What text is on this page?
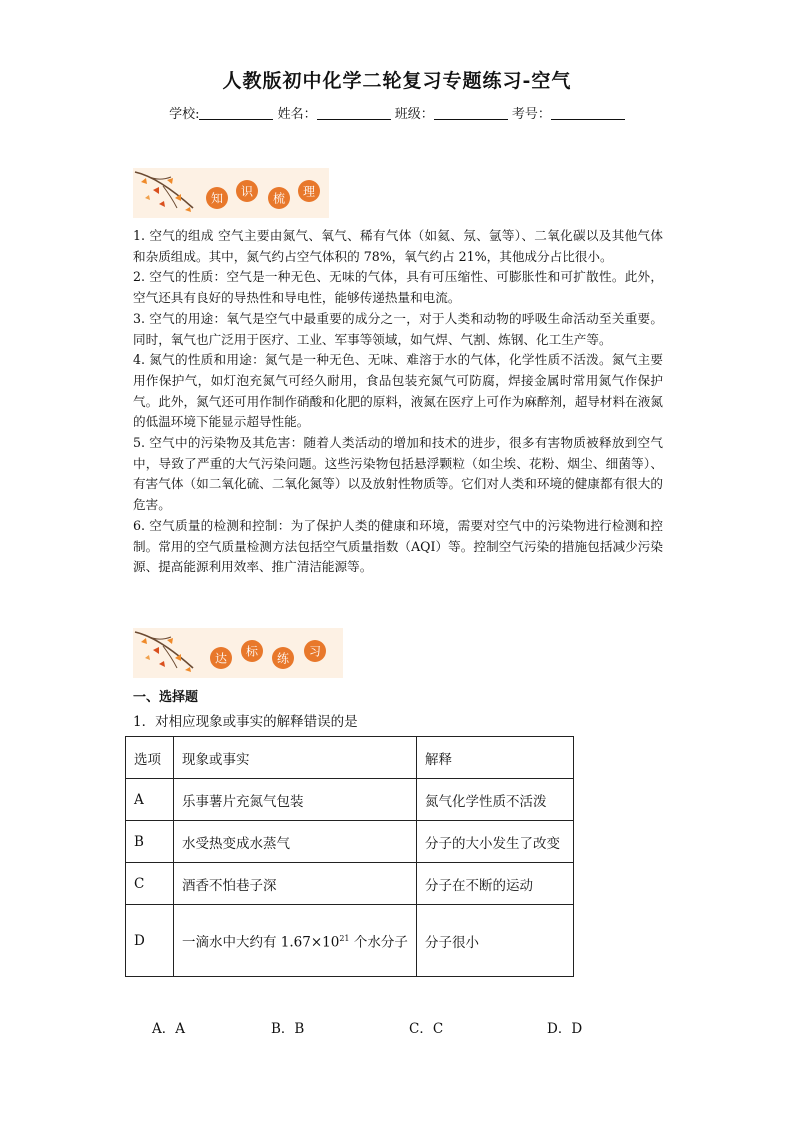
人教版初中化学二轮复习专题练习-空气
学校:	姓名：	班级：	考号：
知 识 梳 理

1. 空气的组成 空气主要由氮气、氧气、稀有气体（如氦、氖、氩等）、二氧化碳以及其他气体和杂质组成。其中，氮气约占空气体积的 78%，氧气约占 21%，其他成分占比很小。

2. 空气的性质：空气是一种无色、无味的气体，具有可压缩性、可膨胀性和可扩散性。此外，空气还具有良好的导热性和导电性，能够传递热量和电流。

3. 空气的用途：氧气是空气中最重要的成分之一，对于人类和动物的呼吸生命活动至关重要。同时，氧气也广泛用于医疗、工业、军事等领域，如气焊、气割、炼钢、化工生产等。

4. 氮气的性质和用途：氮气是一种无色、无味、难溶于水的气体，化学性质不活泼。氮气主要用作保护气，如灯泡充氮气可经久耐用，食品包装充氮气可防腐，焊接金属时常用氮气作保护气。此外，氮气还可用作制作硝酸和化肥的原料，液氮在医疗上可作为麻醉剂，超导材料在液氮的低温环境下能显示超导性能。

5. 空气中的污染物及其危害：随着人类活动的增加和技术的进步，很多有害物质被释放到空气中，导致了严重的大气污染问题。这些污染物包括悬浮颗粒（如尘埃、花粉、烟尘、细菌等）、有害气体（如二氧化硫、二氧化氮等）以及放射性物质等。它们对人类和环境的健康都有很大的危害。

6. 空气质量的检测和控制：为了保护人类的健康和环境，需要对空气中的污染物进行检测和控制。常用的空气质量检测方法包括空气质量指数（AQI）等。控制空气污染的措施包括减少污染源、提高能源利用效率、推广清洁能源等。

达 标 练 习
一、选择题
1．对相应现象或事实的解释错误的是
选项	现象或事实	解释
A	乐事薯片充氮气包装	氮气化学性质不活泼
B	水受热变成水蒸气	分子的大小发生了改变
C	酒香不怕巷子深	分子在不断的运动
D	一滴水中大约有 $1.67\times 10^{21}$ 个水分子	分子很小
A．A	B．B	C．C	D．D
